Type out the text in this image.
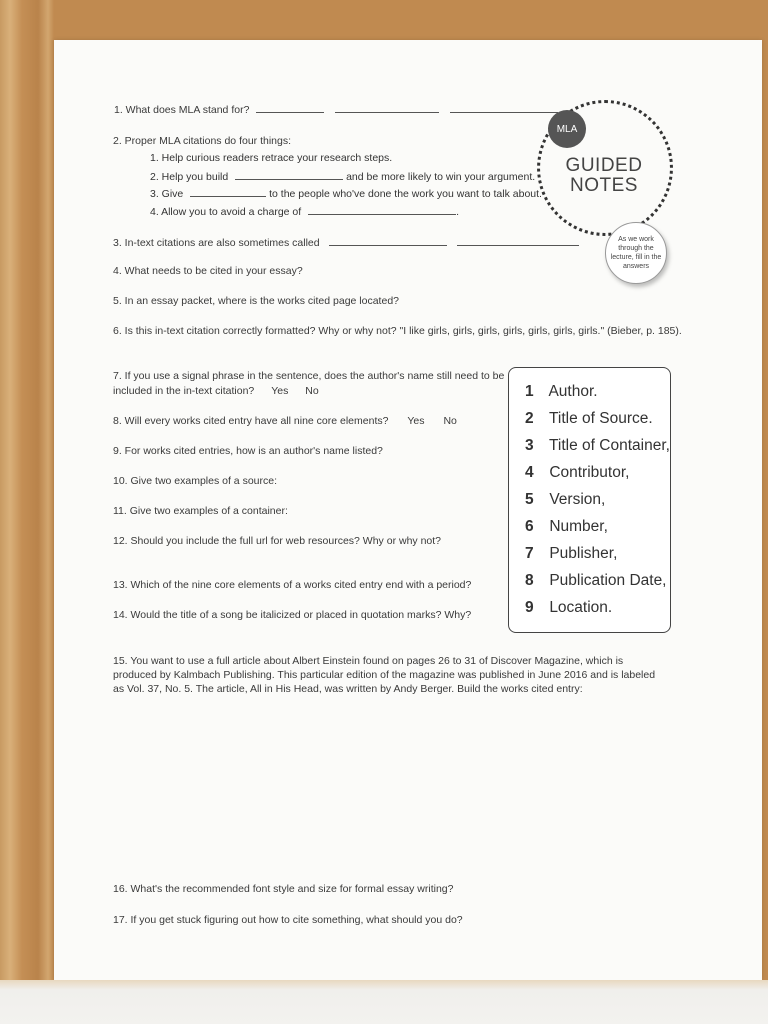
1. What does MLA stand for?
2. Proper MLA citations do four things:
1. Help curious readers retrace your research steps.
2. Help you build	and be more likely to win your argument.
3. Give	to the people who've done the work you want to talk about.
4. Allow you to avoid a charge of	.
3. In-text citations are also sometimes called
4. What needs to be cited in your essay?
5. In an essay packet, where is the works cited page located?
6. Is this in-text citation correctly formatted? Why or why not? "I like girls, girls, girls, girls, girls, girls, girls." (Bieber, p. 185).
7. If you use a signal phrase in the sentence, does the author's name still need to be
included in the in-text citation? Yes No
8. Will every works cited entry have all nine core elements? Yes No
9. For works cited entries, how is an author's name listed?
10. Give two examples of a source:
11. Give two examples of a container:
12. Should you include the full url for web resources? Why or why not?
13. Which of the nine core elements of a works cited entry end with a period?
14. Would the title of a song be italicized or placed in quotation marks? Why?
15. You want to use a full article about Albert Einstein found on pages 26 to 31 of Discover Magazine, which is produced by Kalmbach Publishing. This particular edition of the magazine was published in June 2016 and is labeled as Vol. 37, No. 5. The article, All in His Head, was written by Andy Berger. Build the works cited entry:
16. What's the recommended font style and size for formal essay writing?
17. If you get stuck figuring out how to cite something, what should you do?
MLA
GUIDED
NOTES
As we work through the lecture, fill in the answers
1 Author.
2 Title of Source.
3 Title of Container,
4 Contributor,
5 Version,
6 Number,
7 Publisher,
8 Publication Date,
9 Location.
